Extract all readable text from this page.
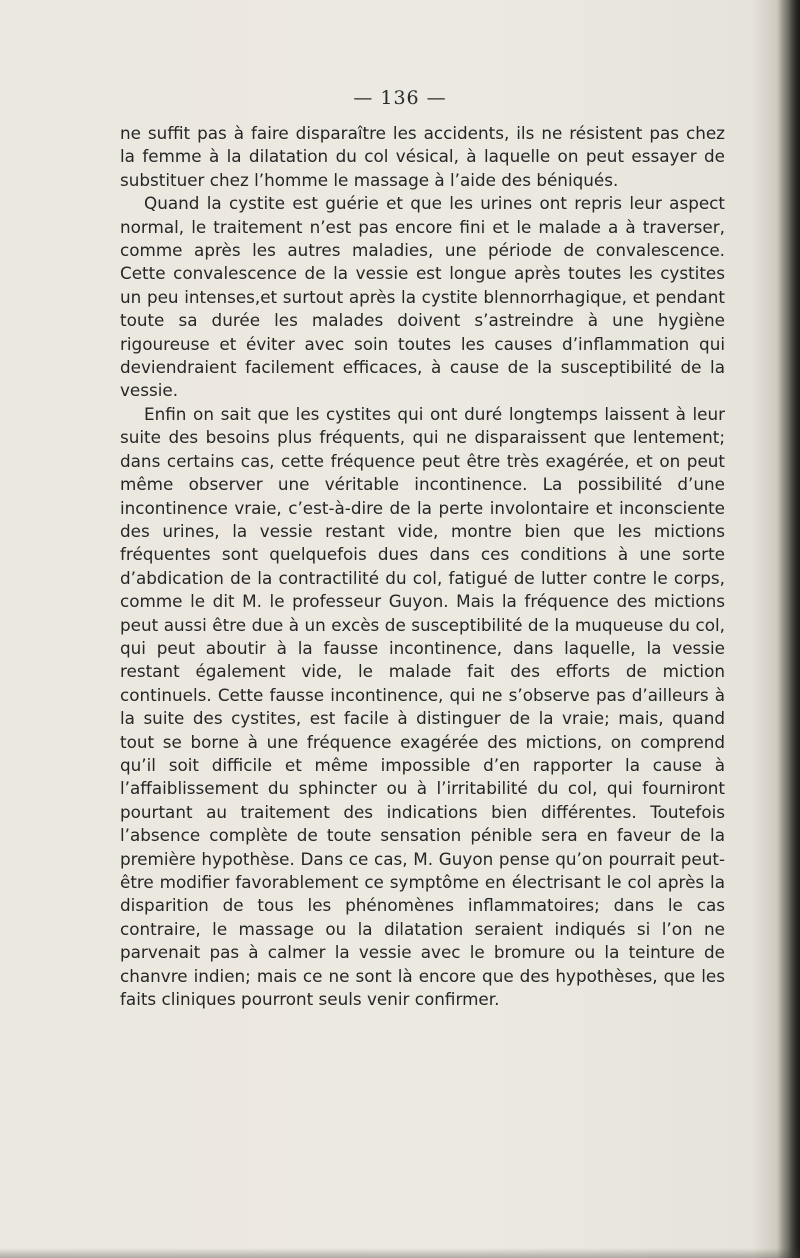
— 136 —

ne suffit pas à faire disparaître les accidents, ils ne résistent pas chez la femme à la dilatation du col vésical, à laquelle on peut essayer de substituer chez l’homme le massage à l’aide des béniqués.

Quand la cystite est guérie et que les urines ont repris leur aspect normal, le traitement n’est pas encore fini et le malade a à traverser, comme après les autres maladies, une période de convalescence. Cette convalescence de la vessie est longue après toutes les cystites un peu intenses,et surtout après la cystite blennorrhagique, et pendant toute sa durée les malades doivent s’astreindre à une hygiène rigoureuse et éviter avec soin toutes les causes d’inflammation qui deviendraient facilement efficaces, à cause de la susceptibilité de la vessie.

Enfin on sait que les cystites qui ont duré longtemps laissent à leur suite des besoins plus fréquents, qui ne disparaissent que lentement; dans certains cas, cette fréquence peut être très exagérée, et on peut même observer une véritable incontinence. La possibilité d’une incontinence vraie, c’est-à-dire de la perte involontaire et inconsciente des urines, la vessie restant vide, montre bien que les mictions fréquentes sont quelquefois dues dans ces conditions à une sorte d’abdication de la contractilité du col, fatigué de lutter contre le corps, comme le dit M. le professeur Guyon. Mais la fréquence des mictions peut aussi être due à un excès de susceptibilité de la muqueuse du col, qui peut aboutir à la fausse incontinence, dans laquelle, la vessie restant également vide, le malade fait des efforts de miction continuels. Cette fausse incontinence, qui ne s’observe pas d’ailleurs à la suite des cystites, est facile à distinguer de la vraie; mais, quand tout se borne à une fréquence exagérée des mictions, on comprend qu’il soit difficile et même impossible d’en rapporter la cause à l’affaiblissement du sphincter ou à l’irritabilité du col, qui fourniront pourtant au traitement des indications bien différentes. Toutefois l’absence complète de toute sensation pénible sera en faveur de la première hypothèse. Dans ce cas, M. Guyon pense qu’on pourrait peut-être modifier favorablement ce symptôme en électrisant le col après la disparition de tous les phénomènes inflammatoires; dans le cas contraire, le massage ou la dilatation seraient indiqués si l’on ne parvenait pas à calmer la vessie avec le bromure ou la teinture de chanvre indien; mais ce ne sont là encore que des hypothèses, que les faits cliniques pourront seuls venir confirmer.
